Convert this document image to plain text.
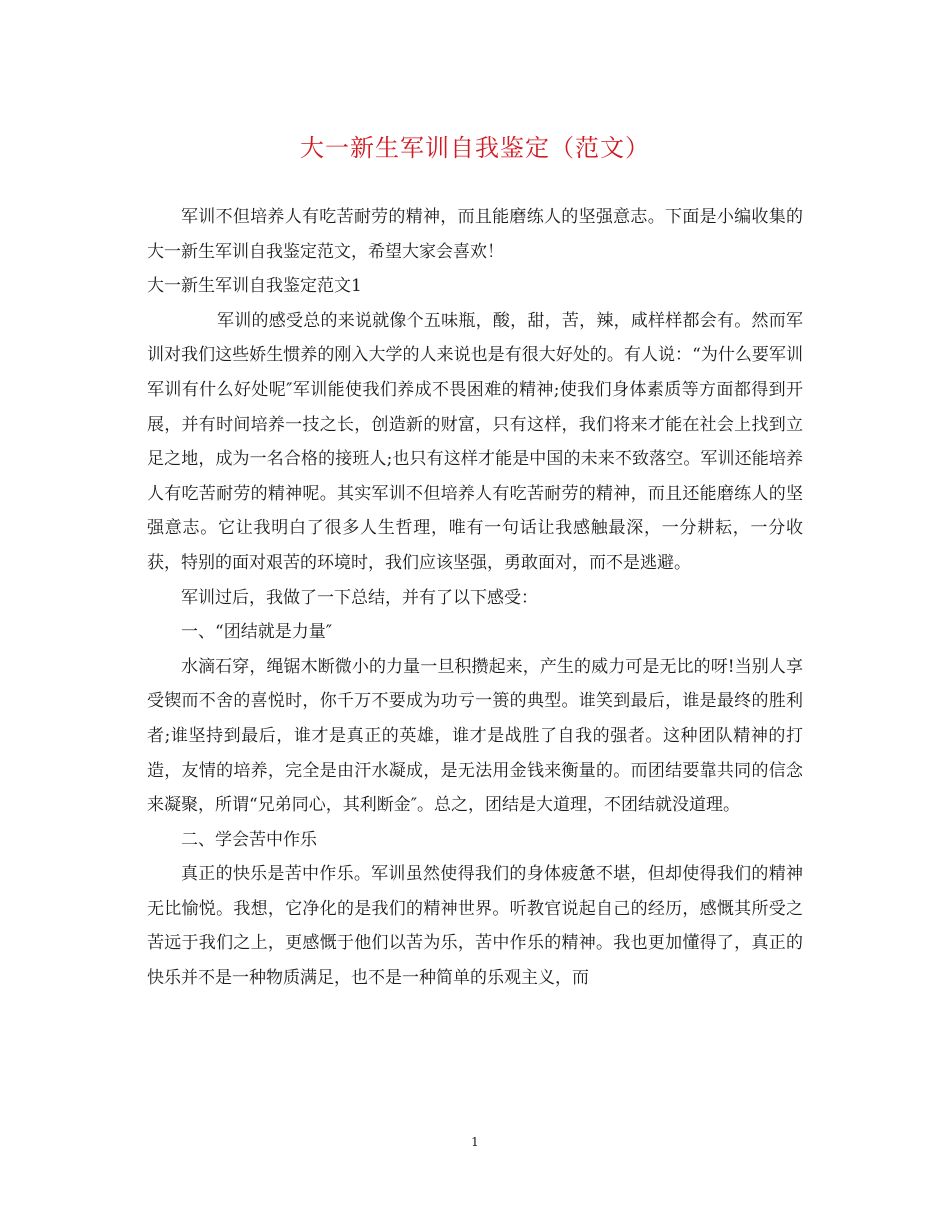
大一新生军训自我鉴定（范文）

军训不但培养人有吃苦耐劳的精神，而且能磨练人的坚强意志。下面是小编收集的大一新生军训自我鉴定范文，希望大家会喜欢！

大一新生军训自我鉴定范文1

军训的感受总的来说就像个五味瓶，酸，甜，苦，辣，咸样样都会有。然而军训对我们这些娇生惯养的刚入大学的人来说也是有很大好处的。有人说：“为什么要军训军训有什么好处呢″军训能使我们养成不畏困难的精神;使我们身体素质等方面都得到开展，并有时间培养一技之长，创造新的财富，只有这样，我们将来才能在社会上找到立足之地，成为一名合格的接班人;也只有这样才能是中国的未来不致落空。军训还能培养人有吃苦耐劳的精神呢。其实军训不但培养人有吃苦耐劳的精神，而且还能磨练人的坚强意志。它让我明白了很多人生哲理，唯有一句话让我感触最深，一分耕耘，一分收获，特别的面对艰苦的环境时，我们应该坚强，勇敢面对，而不是逃避。

军训过后，我做了一下总结，并有了以下感受：

一、“团结就是力量″

水滴石穿，绳锯木断微小的力量一旦积攒起来，产生的威力可是无比的呀!当别人享受锲而不舍的喜悦时，你千万不要成为功亏一篑的典型。谁笑到最后，谁是最终的胜利者;谁坚持到最后，谁才是真正的英雄，谁才是战胜了自我的强者。这种团队精神的打造，友情的培养，完全是由汗水凝成，是无法用金钱来衡量的。而团结要靠共同的信念来凝聚，所谓“兄弟同心，其利断金″。总之，团结是大道理，不团结就没道理。

二、学会苦中作乐

真正的快乐是苦中作乐。军训虽然使得我们的身体疲惫不堪，但却使得我们的精神无比愉悦。我想，它净化的是我们的精神世界。听教官说起自己的经历，感慨其所受之苦远于我们之上，更感慨于他们以苦为乐，苦中作乐的精神。我也更加懂得了，真正的快乐并不是一种物质满足，也不是一种简单的乐观主义，而

1
